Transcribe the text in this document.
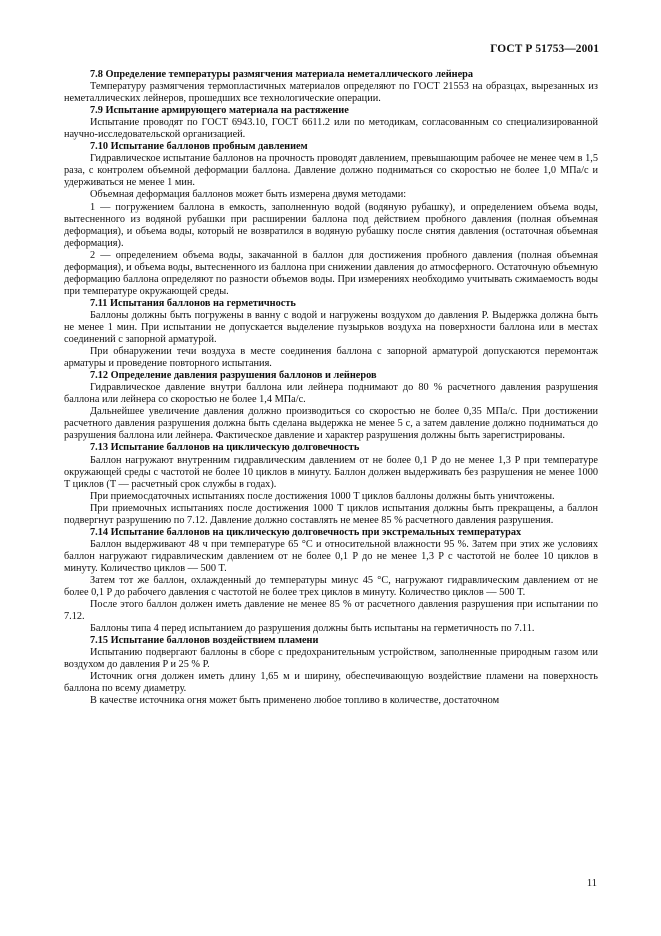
ГОСТ Р 51753—2001
7.8 Определение температуры размягчения материала неметаллического лейнера

Температуру размягчения термопластичных материалов определяют по ГОСТ 21553 на образцах, вырезанных из неметаллических лейнеров, прошедших все технологические операции.

7.9 Испытание армирующего материала на растяжение

Испытание проводят по ГОСТ 6943.10, ГОСТ 6611.2 или по методикам, согласованным со специализированной научно-исследовательской организацией.

7.10 Испытание баллонов пробным давлением

Гидравлическое испытание баллонов на прочность проводят давлением, превышающим рабочее не менее чем в 1,5 раза, с контролем объемной деформации баллона. Давление должно подниматься со скоростью не более 1,0 МПа/с и удерживаться не менее 1 мин.

Объемная деформация баллонов может быть измерена двумя методами:

1 — погружением баллона в емкость, заполненную водой (водяную рубашку), и определением объема воды, вытесненного из водяной рубашки при расширении баллона под действием пробного давления (полная объемная деформация), и объема воды, который не возвратился в водяную рубашку после снятия давления (остаточная объемная деформация).

2 — определением объема воды, закачанной в баллон для достижения пробного давления (полная объемная деформация), и объема воды, вытесненного из баллона при снижении давления до атмосферного. Остаточную объемную деформацию баллона определяют по разности объемов воды. При измерениях необходимо учитывать сжимаемость воды при температуре окружающей среды.

7.11 Испытания баллонов на герметичность

Баллоны должны быть погружены в ванну с водой и нагружены воздухом до давления P. Выдержка должна быть не менее 1 мин. При испытании не допускается выделение пузырьков воздуха на поверхности баллона или в местах соединений с запорной арматурой.

При обнаружении течи воздуха в месте соединения баллона с запорной арматурой допускаются перемонтаж арматуры и проведение повторного испытания.

7.12 Определение давления разрушения баллонов и лейнеров

Гидравлическое давление внутри баллона или лейнера поднимают до 80 % расчетного давления разрушения баллона или лейнера со скоростью не более 1,4 МПа/с.

Дальнейшее увеличение давления должно производиться со скоростью не более 0,35 МПа/с. При достижении расчетного давления разрушения должна быть сделана выдержка не менее 5 с, а затем давление должно подниматься до разрушения баллона или лейнера. Фактическое давление и характер разрушения должны быть зарегистрированы.

7.13 Испытание баллонов на циклическую долговечность

Баллон нагружают внутренним гидравлическим давлением от не более 0,1 P до не менее 1,3 P при температуре окружающей среды с частотой не более 10 циклов в минуту. Баллон должен выдерживать без разрушения не менее 1000 T циклов (T — расчетный срок службы в годах).

При приемосдаточных испытаниях после достижения 1000 T циклов баллоны должны быть уничтожены.

При приемочных испытаниях после достижения 1000 T циклов испытания должны быть прекращены, а баллон подвергнут разрушению по 7.12. Давление должно составлять не менее 85 % расчетного давления разрушения.

7.14 Испытание баллонов на циклическую долговечность при экстремальных температурах

Баллон выдерживают 48 ч при температуре 65 °С и относительной влажности 95 %. Затем при этих же условиях баллон нагружают гидравлическим давлением от не более 0,1 P до не менее 1,3 P с частотой не более 10 циклов в минуту. Количество циклов — 500 T.

Затем тот же баллон, охлажденный до температуры минус 45 °С, нагружают гидравлическим давлением от не более 0,1 P до рабочего давления с частотой не более трех циклов в минуту. Количество циклов — 500 T.

После этого баллон должен иметь давление не менее 85 % от расчетного давления разрушения при испытании по 7.12.

Баллоны типа 4 перед испытанием до разрушения должны быть испытаны на герметичность по 7.11.

7.15 Испытание баллонов воздействием пламени

Испытанию подвергают баллоны в сборе с предохранительным устройством, заполненные природным газом или воздухом до давления P и 25 % P.

Источник огня должен иметь длину 1,65 м и ширину, обеспечивающую воздействие пламени на поверхность баллона по всему диаметру.

В качестве источника огня может быть применено любое топливо в количестве, достаточном

11
